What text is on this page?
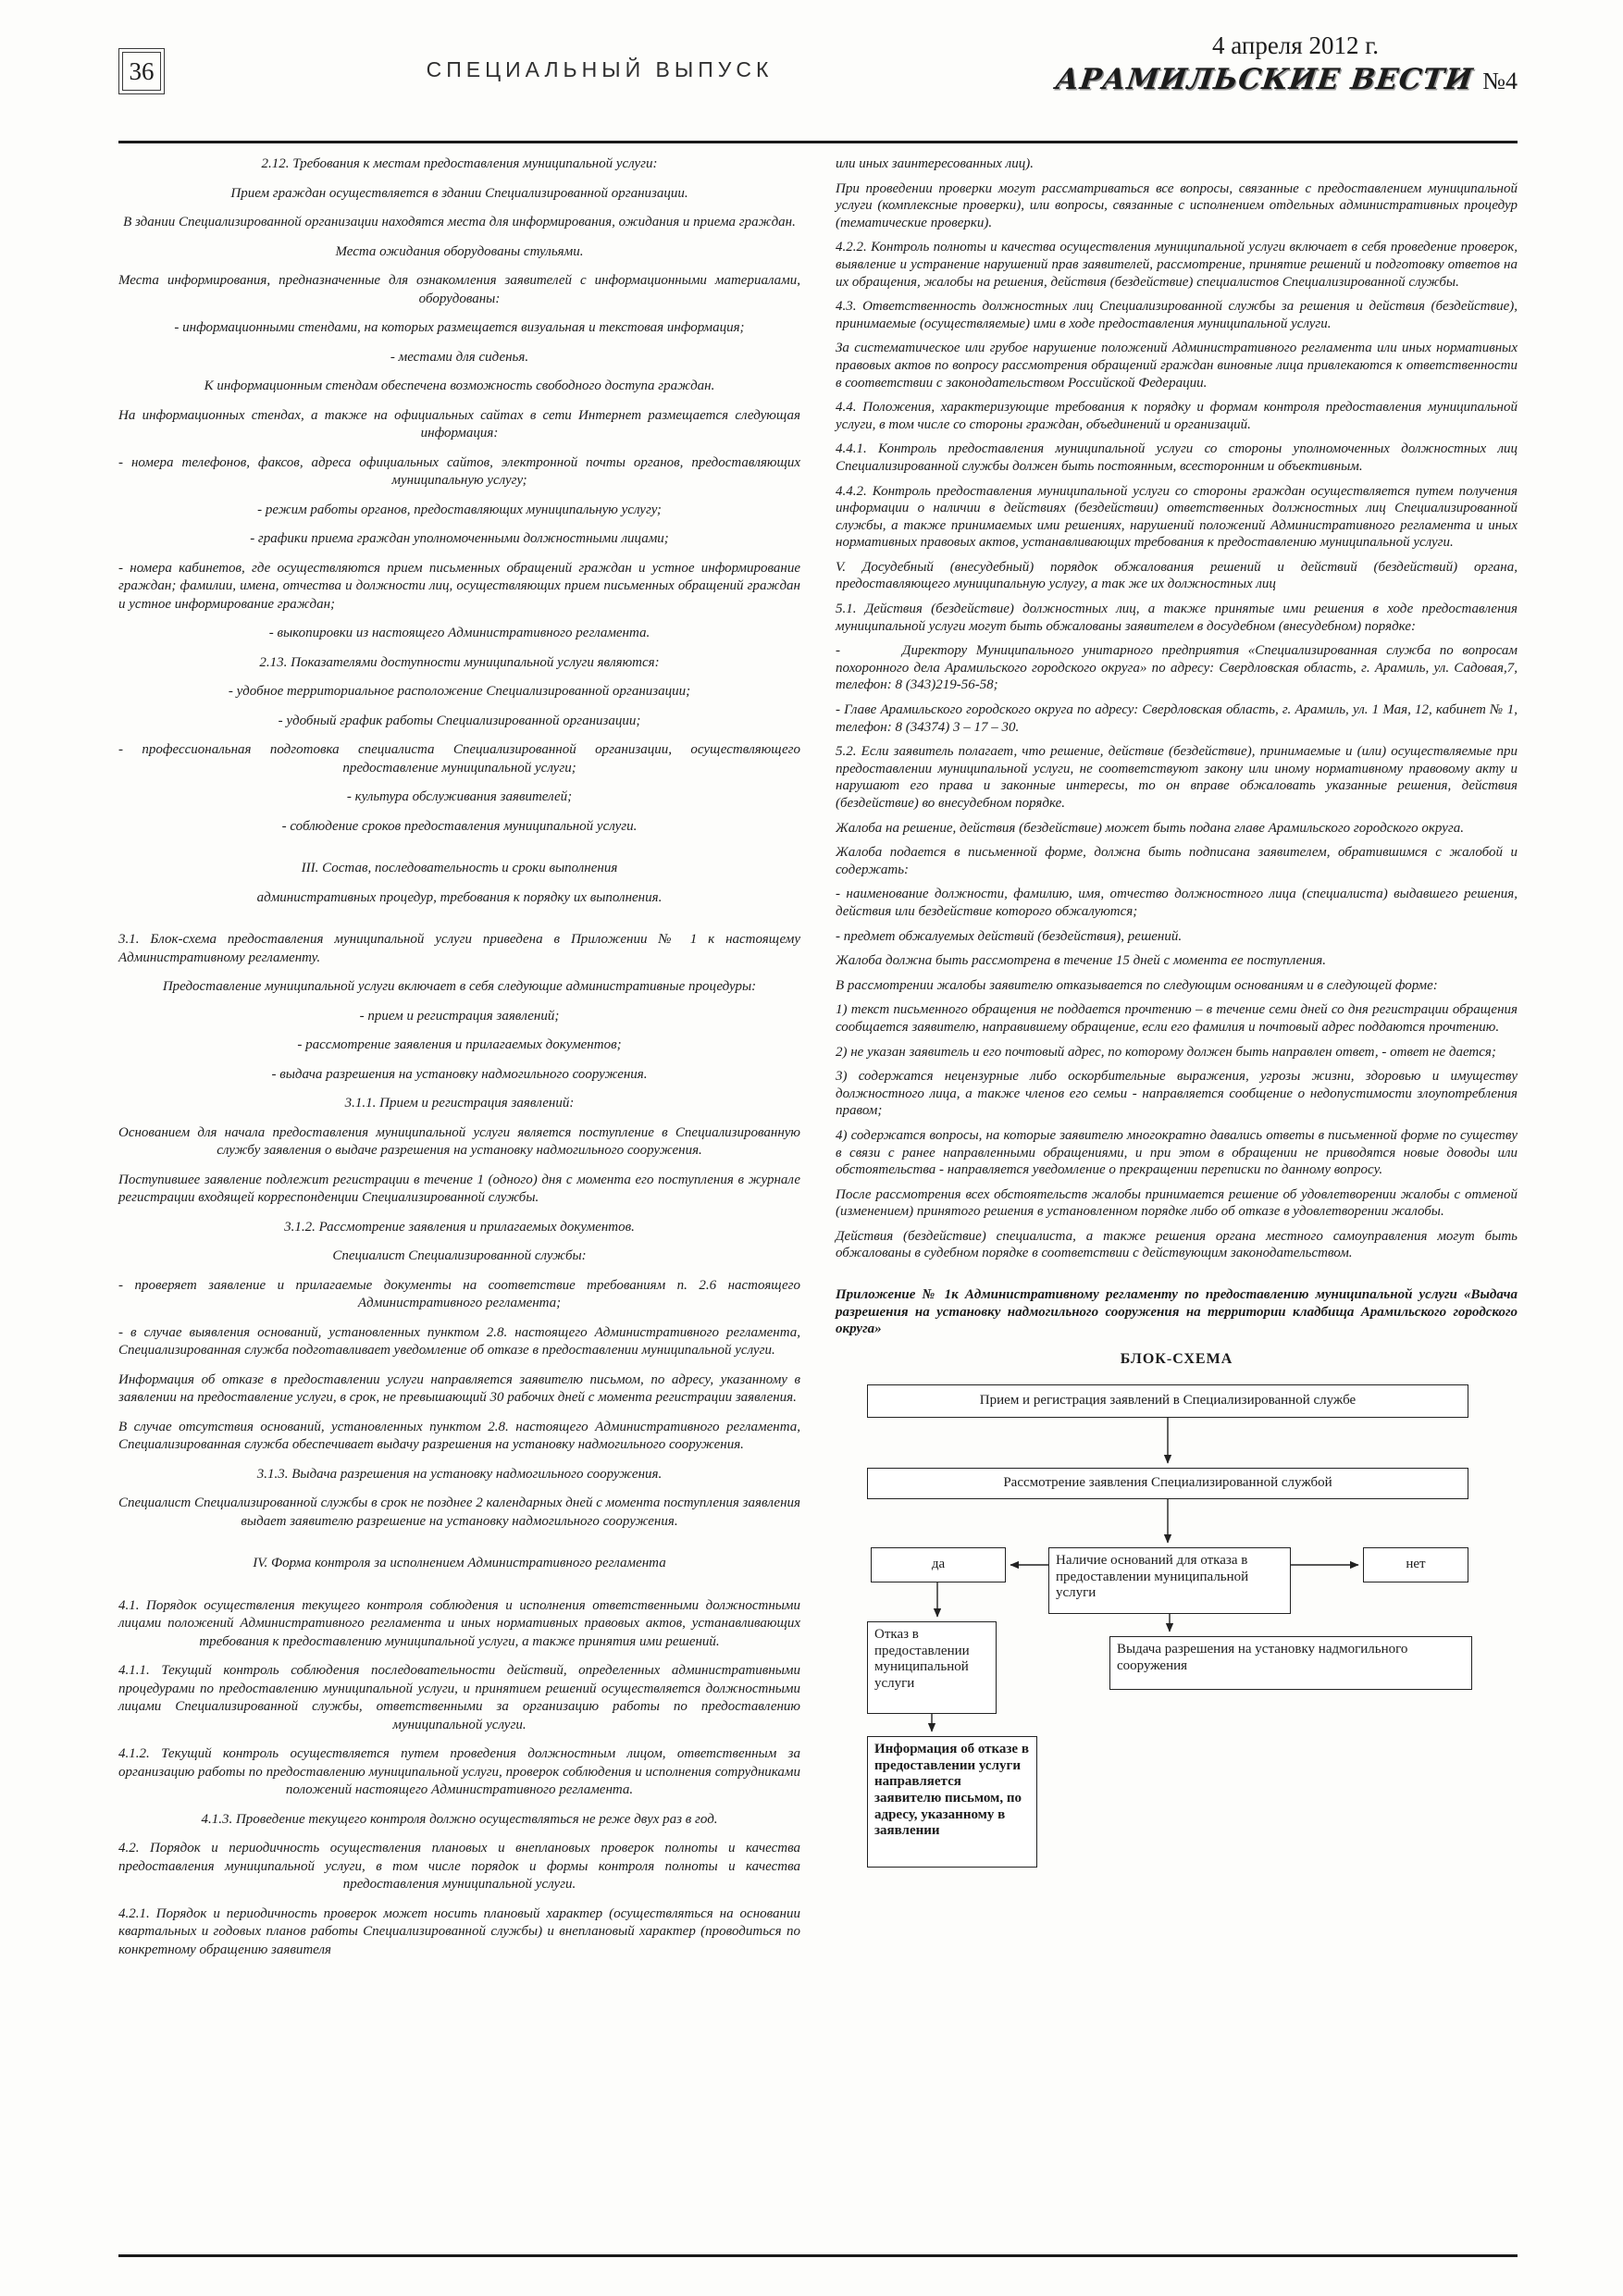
36	СПЕЦИАЛЬНЫЙ ВЫПУСК
4 апреля 2012 г.
АРАМИЛЬСКИЕ ВЕСТИ №4

2.12. Требования к местам предоставления муниципальной услуги:

Прием граждан осуществляется в здании Специализированной организации.

В здании Специализированной организации находятся места для информирования, ожидания и приема граждан.

Места ожидания оборудованы стульями.

Места информирования, предназначенные для ознакомления заявителей с информационными материалами, оборудованы:

- информационными стендами, на которых размещается визуальная и текстовая информация;

- местами для сиденья.

К информационным стендам обеспечена возможность свободного доступа граждан.

На информационных стендах, а также на официальных сайтах в сети Интернет размещается следующая информация:

- номера телефонов, факсов, адреса официальных сайтов, электронной почты органов, предоставляющих муниципальную услугу;

- режим работы органов, предоставляющих муниципальную услугу;

- графики приема граждан уполномоченными должностными лицами;

- номера кабинетов, где осуществляются прием письменных обращений граждан и устное информирование граждан; фамилии, имена, отчества и должности лиц, осуществляющих прием письменных обращений граждан и устное информирование граждан;

- выкопировки из настоящего Административного регламента.

2.13. Показателями доступности муниципальной услуги являются:

- удобное территориальное расположение Специализированной организации;

- удобный график работы Специализированной организации;

- профессиональная подготовка специалиста Специализированной организации, осуществляющего предоставление муниципальной услуги;

- культура обслуживания заявителей;

- соблюдение сроков предоставления муниципальной услуги.

III. Состав, последовательность и сроки выполнения

административных процедур, требования к порядку их выполнения.

3.1. Блок-схема предоставления муниципальной услуги приведена в Приложении № 1 к настоящему Административному регламенту.

Предоставление муниципальной услуги включает в себя следующие административные процедуры:

- прием и регистрация заявлений;

- рассмотрение заявления и прилагаемых документов;

- выдача разрешения на установку надмогильного сооружения.

3.1.1. Прием и регистрация заявлений:

Основанием для начала предоставления муниципальной услуги является поступление в Специализированную службу заявления о выдаче разрешения на установку надмогильного сооружения.

Поступившее заявление подлежит регистрации в течение 1 (одного) дня с момента его поступления в журнале регистрации входящей корреспонденции Специализированной службы.

3.1.2. Рассмотрение заявления и прилагаемых документов.

Специалист Специализированной службы:

- проверяет заявление и прилагаемые документы на соответствие требованиям п. 2.6 настоящего Административного регламента;

- в случае выявления оснований, установленных пунктом 2.8. настоящего Административного регламента, Специализированная служба подготавливает уведомление об отказе в предоставлении муниципальной услуги.

Информация об отказе в предоставлении услуги направляется заявителю письмом, по адресу, указанному в заявлении на предоставление услуги, в срок, не превышающий 30 рабочих дней с момента регистрации заявления.

В случае отсутствия оснований, установленных пунктом 2.8. настоящего Административного регламента, Специализированная служба обеспечивает выдачу разрешения на установку надмогильного сооружения.

3.1.3. Выдача разрешения на установку надмогильного сооружения.

Специалист Специализированной службы в срок не позднее 2 календарных дней с момента поступления заявления выдает заявителю разрешение на установку надмогильного сооружения.

IV. Форма контроля за исполнением Административного регламента

4.1. Порядок осуществления текущего контроля соблюдения и исполнения ответственными должностными лицами положений Административного регламента и иных нормативных правовых актов, устанавливающих требования к предоставлению муниципальной услуги, а также принятия ими решений.

4.1.1. Текущий контроль соблюдения последовательности действий, определенных административными процедурами по предоставлению муниципальной услуги, и принятием решений осуществляется должностными лицами Специализированной службы, ответственными за организацию работы по предоставлению муниципальной услуги.

4.1.2. Текущий контроль осуществляется путем проведения должностным лицом, ответственным за организацию работы по предоставлению муниципальной услуги, проверок соблюдения и исполнения сотрудниками положений настоящего Административного регламента.

4.1.3. Проведение текущего контроля должно осуществляться не реже двух раз в год.

4.2. Порядок и периодичность осуществления плановых и внеплановых проверок полноты и качества предоставления муниципальной услуги, в том числе порядок и формы контроля полноты и качества предоставления муниципальной услуги.

4.2.1. Порядок и периодичность проверок может носить плановый характер (осуществляться на основании квартальных и годовых планов работы Специализированной службы) и внеплановый характер (проводиться по конкретному обращению заявителя

или иных заинтересованных лиц).

При проведении проверки могут рассматриваться все вопросы, связанные с предоставлением муниципальной услуги (комплексные проверки), или вопросы, связанные с исполнением отдельных административных процедур (тематические проверки).

4.2.2. Контроль полноты и качества осуществления муниципальной услуги включает в себя проведение проверок, выявление и устранение нарушений прав заявителей, рассмотрение, принятие решений и подготовку ответов на их обращения, жалобы на решения, действия (бездействие) специалистов Специализированной службы.

4.3. Ответственность должностных лиц Специализированной службы за решения и действия (бездействие), принимаемые (осуществляемые) ими в ходе предоставления муниципальной услуги.

За систематическое или грубое нарушение положений Административного регламента или иных нормативных правовых актов по вопросу рассмотрения обращений граждан виновные лица привлекаются к ответственности в соответствии с законодательством Российской Федерации.

4.4. Положения, характеризующие требования к порядку и формам контроля предоставления муниципальной услуги, в том числе со стороны граждан, объединений и организаций.

4.4.1. Контроль предоставления муниципальной услуги со стороны уполномоченных должностных лиц Специализированной службы должен быть постоянным, всесторонним и объективным.

4.4.2. Контроль предоставления муниципальной услуги со стороны граждан осуществляется путем получения информации о наличии в действиях (бездействии) ответственных должностных лиц Специализированной службы, а также принимаемых ими решениях, нарушений положений Административного регламента и иных нормативных правовых актов, устанавливающих требования к предоставлению муниципальной услуги.

V. Досудебный (внесудебный) порядок обжалования решений и действий (бездействий) органа, предоставляющего муниципальную услугу, а так же их должностных лиц

5.1. Действия (бездействие) должностных лиц, а также принятые ими решения в ходе предоставления муниципальной услуги могут быть обжалованы заявителем в досудебном (внесудебном) порядке:

-       Директору Муниципального унитарного предприятия «Специализированная служба по вопросам похоронного дела Арамильского городского округа» по адресу: Свердловская область, г. Арамиль, ул. Садовая,7, телефон: 8 (343)219-56-58;

- Главе Арамильского городского округа по адресу: Свердловская область, г. Арамиль, ул. 1 Мая, 12, кабинет № 1, телефон: 8 (34374) 3 – 17 – 30.

5.2. Если заявитель полагает, что решение, действие (бездействие), принимаемые и (или) осуществляемые при предоставлении муниципальной услуги, не соответствуют закону или иному нормативному правовому акту и нарушают его права и законные интересы, то он вправе обжаловать указанные решения, действия (бездействие) во внесудебном порядке.

Жалоба на решение, действия (бездействие) может быть подана главе Арамильского городского округа.

Жалоба подается в письменной форме, должна быть подписана заявителем, обратившимся с жалобой и содержать:

- наименование должности, фамилию, имя, отчество должностного лица (специалиста) выдавшего решения, действия или бездействие которого обжалуются;

- предмет обжалуемых действий (бездействия), решений.

Жалоба должна быть рассмотрена в течение 15 дней с момента ее поступления.

В рассмотрении жалобы заявителю отказывается по следующим основаниям и в следующей форме:

1) текст письменного обращения не поддается прочтению – в течение семи дней со дня регистрации обращения сообщается заявителю, направившему обращение, если его фамилия и почтовый адрес поддаются прочтению.

2) не указан заявитель и его почтовый адрес, по которому должен быть направлен ответ, - ответ не дается;

3) содержатся нецензурные либо оскорбительные выражения, угрозы жизни, здоровью и имуществу должностного лица, а также членов его семьи - направляется сообщение о недопустимости злоупотребления правом;

4) содержатся вопросы, на которые заявителю многократно давались ответы в письменной форме по существу в связи с ранее направленными обращениями, и при этом в обращении не приводятся новые доводы или обстоятельства - направляется уведомление о прекращении переписки по данному вопросу.

После рассмотрения всех обстоятельств жалобы принимается решение об удовлетворении жалобы с отменой (изменением) принятого решения в установленном порядке либо об отказе в удовлетворении жалобы.

Действия (бездействие) специалиста, а также решения органа местного самоуправления могут быть обжалованы в судебном порядке в соответствии с действующим законодательством.

Приложение № 1к Административному регламенту по предоставлению муниципальной услуги «Выдача разрешения на установку надмогильного сооружения на территории кладбища Арамильского городского округа»

БЛОК-СХЕМА
Прием и регистрация заявлений в Специализированной службе
Рассмотрение заявления Специализированной службой
Наличие оснований для отказа в предоставлении муниципальной услуги
да	нет
Отказ в предоставлении муниципальной услуги
Выдача разрешения на установку надмогильного сооружения
Информация об отказе в предоставлении услуги направляется заявителю письмом, по адресу, указанному в заявлении
